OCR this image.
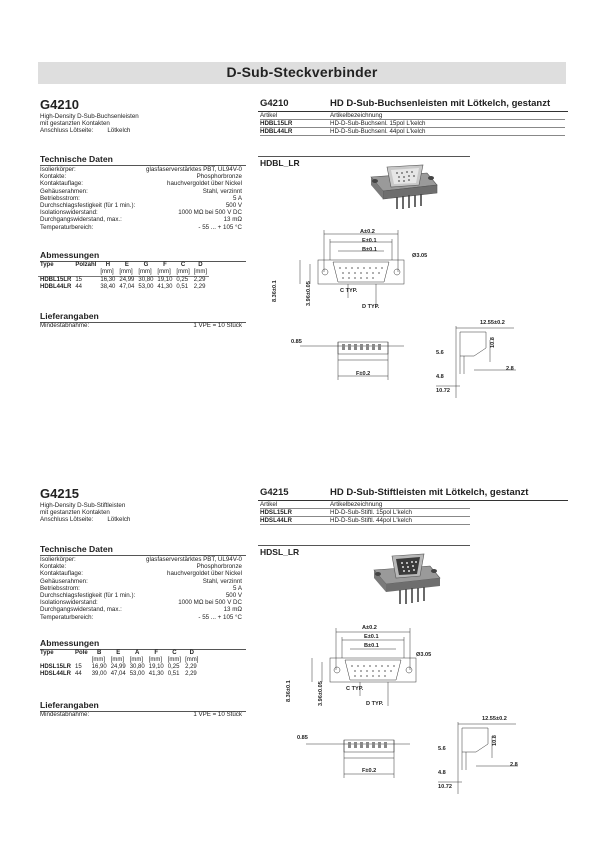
D-Sub-Steckverbinder
G4210
High-Density D-Sub-Buchsenleisten
mit gestanzten Kontakten
Anschluss Lötseite: Lötkelch
Technische Daten
Isolierkörper:	glasfaserverstärktes PBT, UL94V-0
Kontakte:	Phosphorbronze
Kontaktauflage:	hauchvergoldet über Nickel
Gehäuserahmen:	Stahl, verzinnt
Betriebsstrom:	5 A
Durchschlagsfestigkeit (für 1 min.):	500 V
Isolationswiderstand:	1000 MΩ bei 500 V DC
Durchgangswiderstand, max.:	13 mΩ
Temperaturbereich:	- 55 ... + 105 °C
Abmessungen
Type	Polzahl	H	E	G	F	C	D
		[mm]	[mm]	[mm]	[mm]	[mm]	[mm]
HDBL15LR	15	16,30	24,99	30,80	19,10	0,25	2,29
HDBL44LR	44	38,40	47,04	53,00	41,30	0,51	2,29
Lieferangaben
Mindestabnahme:	1 VPE = 10 Stück
G4210	HD D-Sub-Buchsenleisten mit Lötkelch, gestanzt
Artikel	Artikelbezeichnung
HDBL15LR	HD-D-Sub-Buchsenl. 15pol L'kelch
HDBL44LR	HD-D-Sub-Buchsenl. 44pol L'kelch
HDBL_LR
A±0.2
E±0.1
B±0.1
Ø3.05
8.36±0.1	3.96±0.05	C TYP.
D TYP.
0.85
F±0.2
12.55±0.2
10.8
5.6
2.8
4.8
10.72
G4215
High-Density D-Sub-Stiftleisten
mit gestanzten Kontakten
Anschluss Lötseite: Lötkelch
Technische Daten
Isolierkörper:	glasfaserverstärktes PBT, UL94V-0
Kontakte:	Phosphorbronze
Kontaktauflage:	hauchvergoldet über Nickel
Gehäuserahmen:	Stahl, verzinnt
Betriebsstrom:	5 A
Durchschlagsfestigkeit (für 1 min.):	500 V
Isolationswiderstand:	1000 MΩ bei 500 V DC
Durchgangswiderstand, max.:	13 mΩ
Temperaturbereich:	- 55 ... + 105 °C
Abmessungen
Type	Pole	B	E	A	F	C	D
		[mm]	[mm]	[mm]	[mm]	[mm]	[mm]
HDSL15LR	15	16,90	24,99	30,80	19,10	0,25	2,29
HDSL44LR	44	39,00	47,04	53,00	41,30	0,51	2,29
Lieferangaben
Mindestabnahme:	1 VPE = 10 Stück
G4215	HD D-Sub-Stiftleisten mit Lötkelch, gestanzt
Artikel	Artikelbezeichnung
HDSL15LR	HD-D-Sub-Stiftl. 15pol L'kelch
HDSL44LR	HD-D-Sub-Stiftl. 44pol L'kelch
HDSL_LR
A±0.2
E±0.1
B±0.1
Ø3.05
8.36±0.1	3.96±0.05	C TYP.
D TYP.
0.85
F±0.2
12.55±0.2
10.8
5.6
2.8
4.8
10.72
